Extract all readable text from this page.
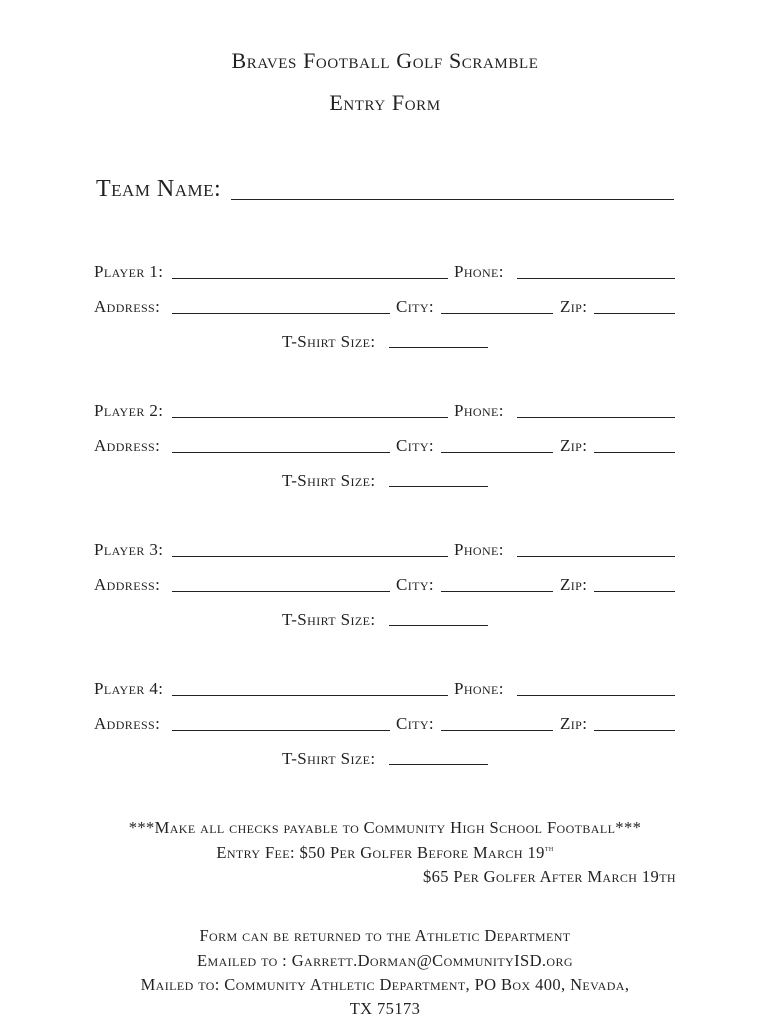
Braves Football Golf Scramble
Entry Form
Team Name:
Player 1:	Phone:
Address:	City:	Zip:
T-Shirt Size:
Player 2:	Phone:
Address:	City:	Zip:
T-Shirt Size:
Player 3:	Phone:
Address:	City:	Zip:
T-Shirt Size:
Player 4:	Phone:
Address:	City:	Zip:
T-Shirt Size:
***Make all checks payable to Community High School Football***
Entry Fee: $50 Per Golfer Before March 19th
$65 Per Golfer After March 19th
Form can be returned to the Athletic Department
Emailed to : Garrett.Dorman@CommunityISD.org
Mailed to: Community Athletic Department, PO Box 400, Nevada,
TX 75173
